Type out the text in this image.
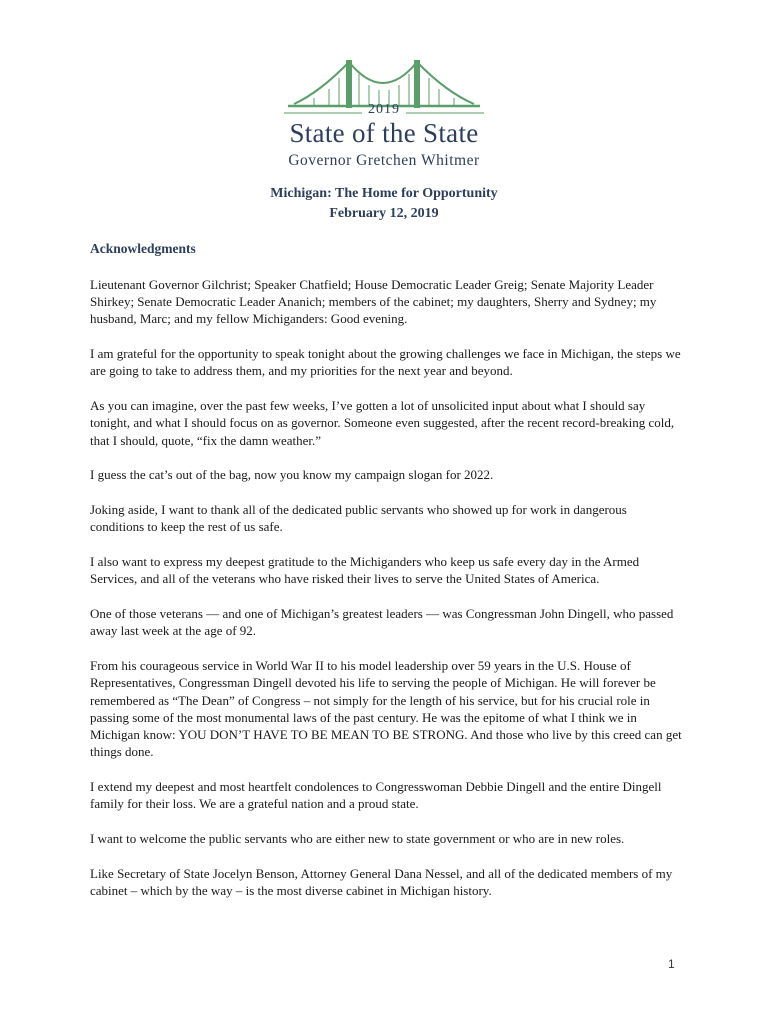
2019
State of the State
Governor Gretchen Whitmer
Michigan: The Home for Opportunity
February 12, 2019
Acknowledgments

Lieutenant Governor Gilchrist; Speaker Chatfield; House Democratic Leader Greig; Senate Majority Leader Shirkey; Senate Democratic Leader Ananich; members of the cabinet; my daughters, Sherry and Sydney; my husband, Marc; and my fellow Michiganders: Good evening.

I am grateful for the opportunity to speak tonight about the growing challenges we face in Michigan, the steps we are going to take to address them, and my priorities for the next year and beyond.

As you can imagine, over the past few weeks, I’ve gotten a lot of unsolicited input about what I should say tonight, and what I should focus on as governor. Someone even suggested, after the recent record-breaking cold, that I should, quote, “fix the damn weather.”

I guess the cat’s out of the bag, now you know my campaign slogan for 2022.

Joking aside, I want to thank all of the dedicated public servants who showed up for work in dangerous conditions to keep the rest of us safe.

I also want to express my deepest gratitude to the Michiganders who keep us safe every day in the Armed Services, and all of the veterans who have risked their lives to serve the United States of America.

One of those veterans — and one of Michigan’s greatest leaders — was Congressman John Dingell, who passed away last week at the age of 92.

From his courageous service in World War II to his model leadership over 59 years in the U.S. House of Representatives, Congressman Dingell devoted his life to serving the people of Michigan. He will forever be remembered as “The Dean” of Congress – not simply for the length of his service, but for his crucial role in passing some of the most monumental laws of the past century. He was the epitome of what I think we in Michigan know: YOU DON’T HAVE TO BE MEAN TO BE STRONG. And those who live by this creed can get things done.

I extend my deepest and most heartfelt condolences to Congresswoman Debbie Dingell and the entire Dingell family for their loss. We are a grateful nation and a proud state.

I want to welcome the public servants who are either new to state government or who are in new roles.

Like Secretary of State Jocelyn Benson, Attorney General Dana Nessel, and all of the dedicated members of my cabinet – which by the way – is the most diverse cabinet in Michigan history.

1
